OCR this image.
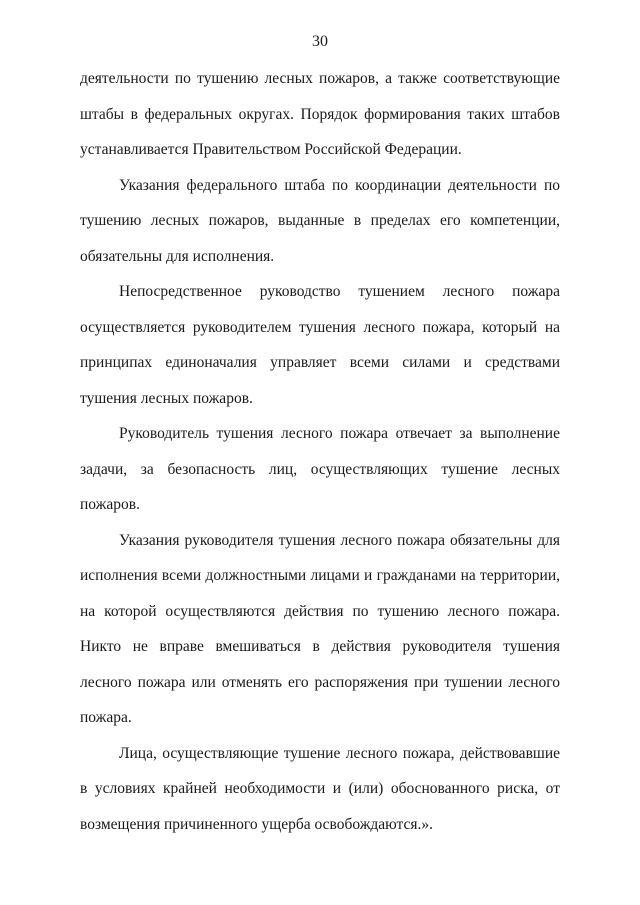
30

деятельности по тушению лесных пожаров, а также соответствующие штабы в федеральных округах. Порядок формирования таких штабов устанавливается Правительством Российской Федерации.

Указания федерального штаба по координации деятельности по тушению лесных пожаров, выданные в пределах его компетенции, обязательны для исполнения.

Непосредственное руководство тушением лесного пожара осуществляется руководителем тушения лесного пожара, который на принципах единоначалия управляет всеми силами и средствами тушения лесных пожаров.

Руководитель тушения лесного пожара отвечает за выполнение задачи, за безопасность лиц, осуществляющих тушение лесных пожаров.

Указания руководителя тушения лесного пожара обязательны для исполнения всеми должностными лицами и гражданами на территории, на которой осуществляются действия по тушению лесного пожара. Никто не вправе вмешиваться в действия руководителя тушения лесного пожара или отменять его распоряжения при тушении лесного пожара.

Лица, осуществляющие тушение лесного пожара, действовавшие в условиях крайней необходимости и (или) обоснованного риска, от возмещения причиненного ущерба освобождаются.».
